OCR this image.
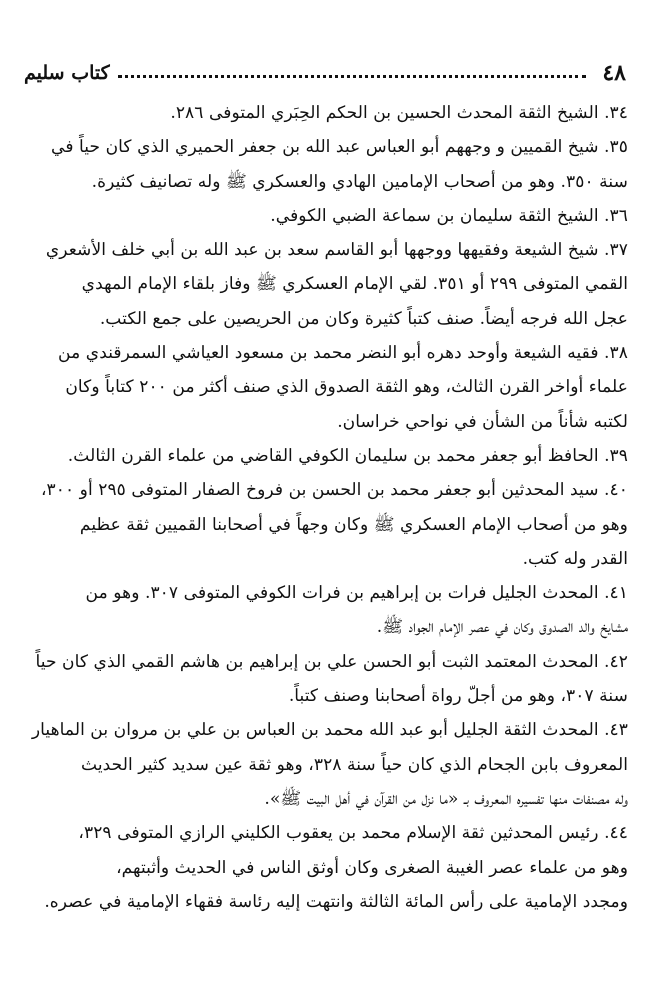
٤٨
كتاب سليم
٣٤. الشيخ الثقة المحدث الحسين بن الحكم الحِبَري المتوفى ٢٨٦.
٣٥. شيخ القميين و وجههم أبو العباس عبد الله بن جعفر الحميري الذي كان حياً في
سنة ٣٥٠. وهو من أصحاب الإمامين الهادي والعسكري ﷺ وله تصانيف كثيرة.
٣٦. الشيخ الثقة سليمان بن سماعة الضبي الكوفي.
٣٧. شيخ الشيعة وفقيهها ووجهها أبو القاسم سعد بن عبد الله بن أبي خلف الأشعري
القمي المتوفى ٢٩٩ أو ٣٥١. لقي الإمام العسكري ﷺ وفاز بلقاء الإمام المهدي
عجل الله فرجه أيضاً. صنف كتباً كثيرة وكان من الحريصين على جمع الكتب.
٣٨. فقيه الشيعة وأوحد دهره أبو النضر محمد بن مسعود العياشي السمرقندي من
علماء أواخر القرن الثالث، وهو الثقة الصدوق الذي صنف أكثر من ٢٠٠ كتاباً وكان
لكتبه شأناً من الشأن في نواحي خراسان.
٣٩. الحافظ أبو جعفر محمد بن سليمان الكوفي القاضي من علماء القرن الثالث.
٤٠. سيد المحدثين أبو جعفر محمد بن الحسن بن فروخ الصفار المتوفى ٢٩٥ أو ٣٠٠،
وهو من أصحاب الإمام العسكري ﷺ وكان وجهاً في أصحابنا القميين ثقة عظيم
القدر وله كتب.
٤١. المحدث الجليل فرات بن إبراهيم بن فرات الكوفي المتوفى ٣٠٧. وهو من
مشايخ والد الصدوق وكان في عصر الإمام الجواد ﷺ.
٤٢. المحدث المعتمد الثبت أبو الحسن علي بن إبراهيم بن هاشم القمي الذي كان حياً
سنة ٣٠٧، وهو من أجلّ رواة أصحابنا وصنف كتباً.
٤٣. المحدث الثقة الجليل أبو عبد الله محمد بن العباس بن علي بن مروان بن الماهيار
المعروف بابن الجحام الذي كان حياً سنة ٣٢٨، وهو ثقة عين سديد كثير الحديث
وله مصنفات منها تفسيره المعروف بـ «ما نزل من القرآن في أهل البيت ﷺ».
٤٤. رئيس المحدثين ثقة الإسلام محمد بن يعقوب الكليني الرازي المتوفى ٣٢٩،
وهو من علماء عصر الغيبة الصغرى وكان أوثق الناس في الحديث وأثبتهم،
ومجدد الإمامية على رأس المائة الثالثة وانتهت إليه رئاسة فقهاء الإمامية في عصره.
